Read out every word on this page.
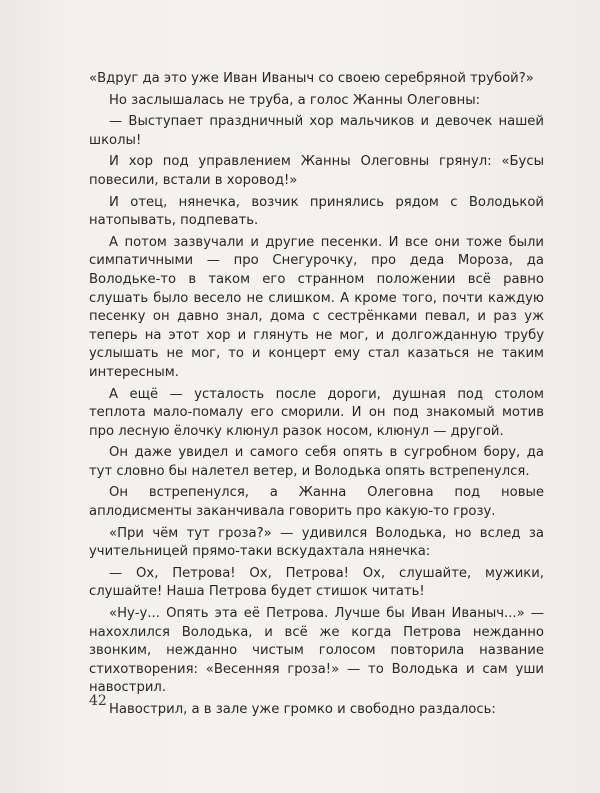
«Вдруг да это уже Иван Иваныч со своею серебряной трубой?»

Но заслышалась не труба, а голос Жанны Олеговны:

— Выступает праздничный хор мальчиков и девочек нашей школы!

И хор под управлением Жанны Олеговны грянул: «Бусы повесили, встали в хоровод!»

И отец, нянечка, возчик принялись рядом с Володькой натопывать, подпевать.

А потом зазвучали и другие песенки. И все они тоже были симпатичными — про Снегурочку, про деда Мороза, да Володьке-то в таком его странном положении всё равно слушать было весело не слишком. А кроме того, почти каждую песенку он давно знал, дома с сестрёнками певал, и раз уж теперь на этот хор и глянуть не мог, и долгожданную трубу услышать не мог, то и концерт ему стал казаться не таким интересным.

А ещё — усталость после дороги, душная под столом теплота мало-помалу его сморили. И он под знакомый мотив про лесную ёлочку клюнул разок носом, клюнул — другой.

Он даже увидел и самого себя опять в сугробном бору, да тут словно бы налетел ветер, и Володька опять встрепенулся.

Он встрепенулся, а Жанна Олеговна под новые аплодисменты заканчивала говорить про какую-то грозу.

«При чём тут гроза?» — удивился Володька, но вслед за учительницей прямо-таки вскудахтала нянечка:

— Ох, Петрова! Ох, Петрова! Ох, слушайте, мужики, слушайте! Наша Петрова будет стишок читать!

«Ну-у... Опять эта её Петрова. Лучше бы Иван Иваныч...» — нахохлился Володька, и всё же когда Петрова нежданно звонким, нежданно чистым голосом повторила название стихотворения: «Весенняя гроза!» — то Володька и сам уши навострил.

Навострил, а в зале уже громко и свободно раздалось:

42
